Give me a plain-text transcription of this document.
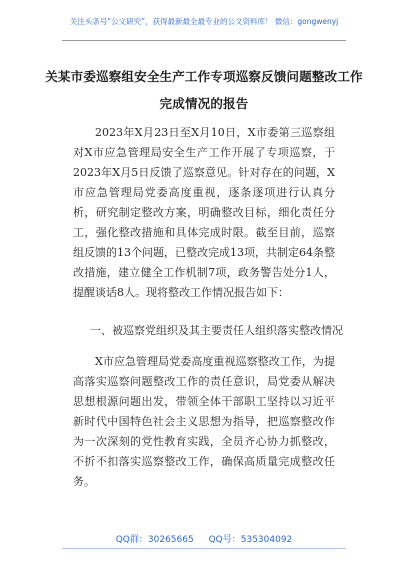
关注头条号“公文研究”，获得最新最全最专业的公文资料库！ 微信：gongwenyj
关某市委巡察组安全生产工作专项巡察反馈问题整改工作
完成情况的报告
2023年X月23日至X月10日，X市委第三巡察组对X市应急管理局安全生产工作开展了专项巡察，于2023年X月5日反馈了巡察意见。针对存在的问题，X市应急管理局党委高度重视，逐条逐项进行认真分析，研究制定整改方案，明确整改目标，细化责任分工，强化整改措施和具体完成时限。截至目前，巡察组反馈的13个问题，已整改完成13项，共制定64条整改措施，建立健全工作机制7项，政务警告处分1人，提醒谈话8人。现将整改工作情况报告如下：
一、被巡察党组织及其主要责任人组织落实整改情况
X市应急管理局党委高度重视巡察整改工作，为提高落实巡察问题整改工作的责任意识，局党委从解决思想根源问题出发，带领全体干部职工坚持以习近平新时代中国特色社会主义思想为指导，把巡察整改作为一次深刻的党性教育实践，全员齐心协力抓整改，不折不扣落实巡察整改工作，确保高质量完成整改任务。
QQ群：30265665 QQ号：535304092
